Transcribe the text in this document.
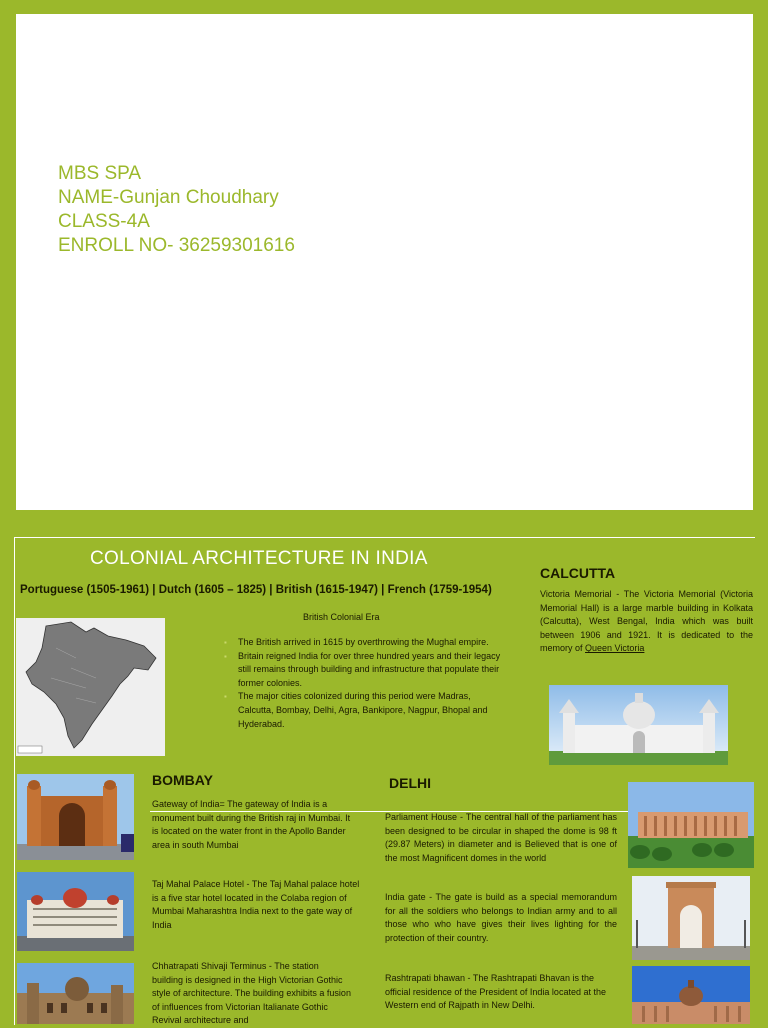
MBS SPA
NAME-Gunjan Choudhary
CLASS-4A
ENROLL NO- 36259301616
COLONIAL ARCHITECTURE IN INDIA
Portuguese (1505-1961) | Dutch (1605 – 1825) | British (1615-1947) | French (1759-1954)
British Colonial Era
▪ The British arrived in 1615 by overthrowing the Mughal empire.
▪ Britain reigned India for over three hundred years and their legacy still remains through building and infrastructure that populate their former colonies.
▪ The major cities colonized during this period were Madras, Calcutta, Bombay, Delhi, Agra, Bankipore, Nagpur, Bhopal and Hyderabad.
CALCUTTA
Victoria Memorial - The Victoria Memorial (Victoria Memorial Hall) is a large marble building in Kolkata (Calcutta), West Bengal, India which was built between 1906 and 1921. It is dedicated to the memory of Queen Victoria
BOMBAY
Gateway of India= The gateway of India is a monument built during the British raj in Mumbai. It is located on the water front in the Apollo Bander area in south Mumbai
Taj Mahal Palace Hotel - The Taj Mahal palace hotel is a five star hotel located in the Colaba region of Mumbai Maharashtra India next to the gate way of India
Chhatrapati Shivaji Terminus - The station building is designed in the High Victorian Gothic style of architecture. The building exhibits a fusion of influences from Victorian Italianate Gothic Revival architecture and
DELHI
Parliament House - The central hall of the parliament has been designed to be circular in shaped the dome is 98 ft (29.87 Meters) in diameter and is Believed that is one of the most Magnificent domes in the world
India gate - The gate is build as a special memorandum for all the soldiers who belongs to Indian army and to all those who who have gives their lives lighting for the protection of their country.
Rashtrapati bhawan - The Rashtrapati Bhavan is the official residence of the President of India located at the Western end of Rajpath in New Delhi.
